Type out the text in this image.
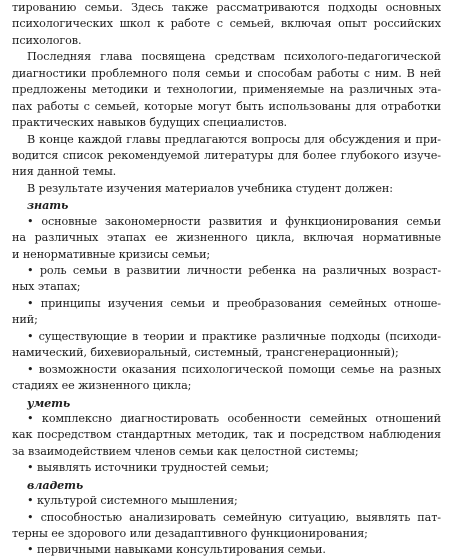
тированию семьи. Здесь также рассматриваются подходы основных
психологических школ к работе с семьей, включая опыт российских
психологов.
Последняя глава посвящена средствам психолого-педагогической
диагностики проблемного поля семьи и способам работы с ним. В ней
предложены методики и технологии, применяемые на различных эта-
пах работы с семьей, которые могут быть использованы для отработки
практических навыков будущих специалистов.
В конце каждой главы предлагаются вопросы для обсуждения и при-
водится список рекомендуемой литературы для более глубокого изуче-
ния данной темы.
В результате изучения материалов учебника студент должен:
знать
• основные закономерности развития и функционирования семьи
на различных этапах ее жизненного цикла, включая нормативные
и ненормативные кризисы семьи;
• роль семьи в развитии личности ребенка на различных возраст-
ных этапах;
• принципы изучения семьи и преобразования семейных отноше-
ний;
• существующие в теории и практике различные подходы (психоди-
намический, бихевиоральный, системный, трансгенерационный);
• возможности оказания психологической помощи семье на разных
стадиях ее жизненного цикла;
уметь
• комплексно диагностировать особенности семейных отношений
как посредством стандартных методик, так и посредством наблюдения
за взаимодействием членов семьи как целостной системы;
• выявлять источники трудностей семьи;
владеть
• культурой системного мышления;
• способностью анализировать семейную ситуацию, выявлять пат-
терны ее здорового или дезадаптивного функционирования;
• первичными навыками консультирования семьи.
